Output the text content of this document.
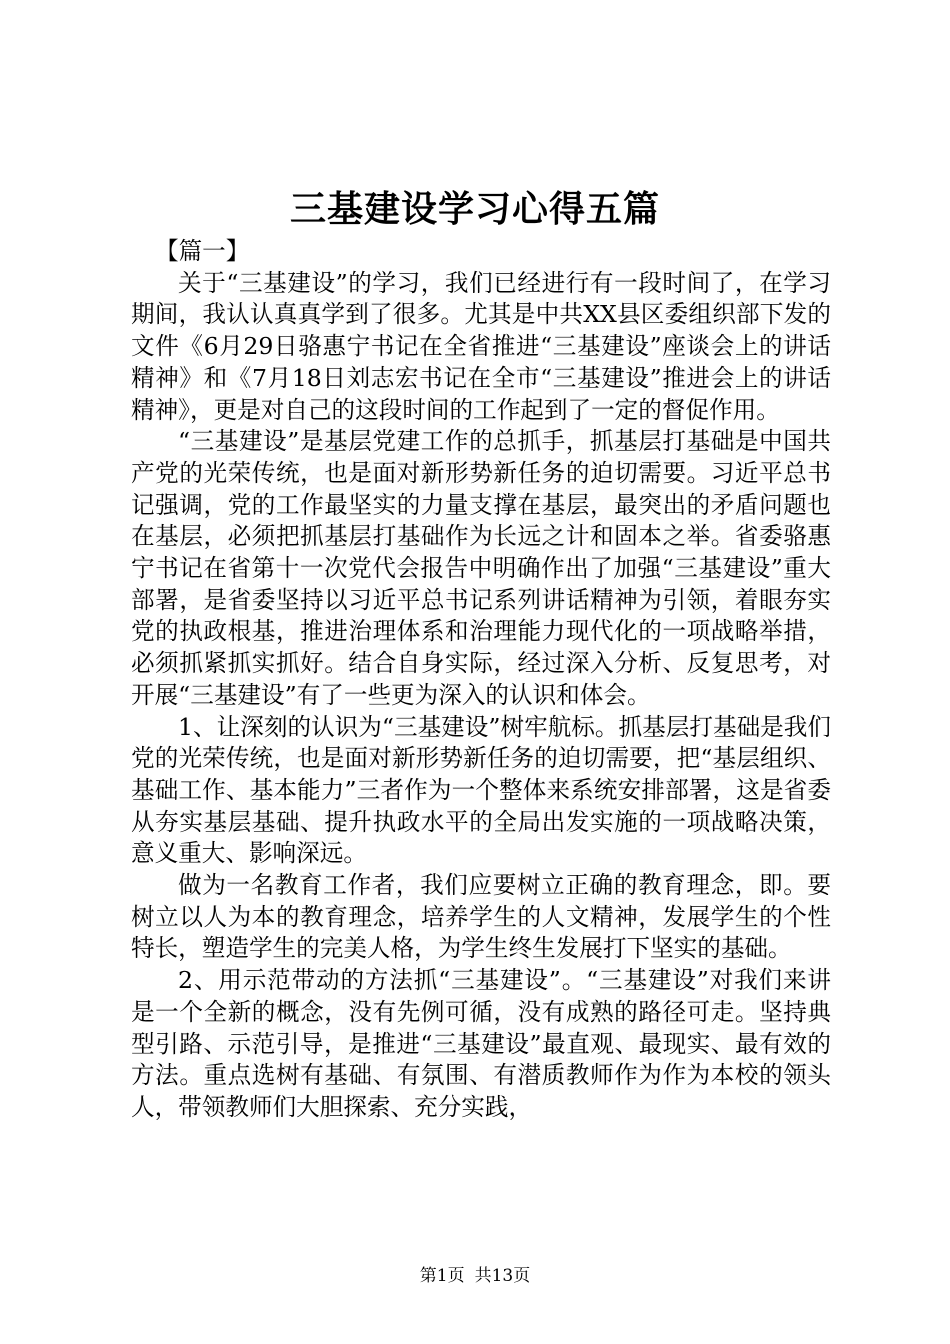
三基建设学习心得五篇

【篇一】

关于“三基建设”的学习，我们已经进行有一段时间了，在学习期间，我认认真真学到了很多。尤其是中共XX县区委组织部下发的文件《6月29日骆惠宁书记在全省推进“三基建设”座谈会上的讲话精神》和《7月18日刘志宏书记在全市“三基建设”推进会上的讲话精神》，更是对自己的这段时间的工作起到了一定的督促作用。

“三基建设”是基层党建工作的总抓手，抓基层打基础是中国共产党的光荣传统，也是面对新形势新任务的迫切需要。习近平总书记强调，党的工作最坚实的力量支撑在基层，最突出的矛盾问题也在基层，必须把抓基层打基础作为长远之计和固本之举。省委骆惠宁书记在省第十一次党代会报告中明确作出了加强“三基建设”重大部署，是省委坚持以习近平总书记系列讲话精神为引领，着眼夯实党的执政根基，推进治理体系和治理能力现代化的一项战略举措，必须抓紧抓实抓好。结合自身实际，经过深入分析、反复思考，对开展“三基建设”有了一些更为深入的认识和体会。

1、让深刻的认识为“三基建设”树牢航标。抓基层打基础是我们党的光荣传统，也是面对新形势新任务的迫切需要，把“基层组织、基础工作、基本能力”三者作为一个整体来系统安排部署，这是省委从夯实基层基础、提升执政水平的全局出发实施的一项战略决策，意义重大、影响深远。

做为一名教育工作者，我们应要树立正确的教育理念，即。要树立以人为本的教育理念，培养学生的人文精神，发展学生的个性特长，塑造学生的完美人格，为学生终生发展打下坚实的基础。

2、用示范带动的方法抓“三基建设”。“三基建设”对我们来讲是一个全新的概念，没有先例可循，没有成熟的路径可走。坚持典型引路、示范引导，是推进“三基建设”最直观、最现实、最有效的方法。重点选树有基础、有氛围、有潜质教师作为作为本校的领头人，带领教师们大胆探索、充分实践，

第1页 共13页
